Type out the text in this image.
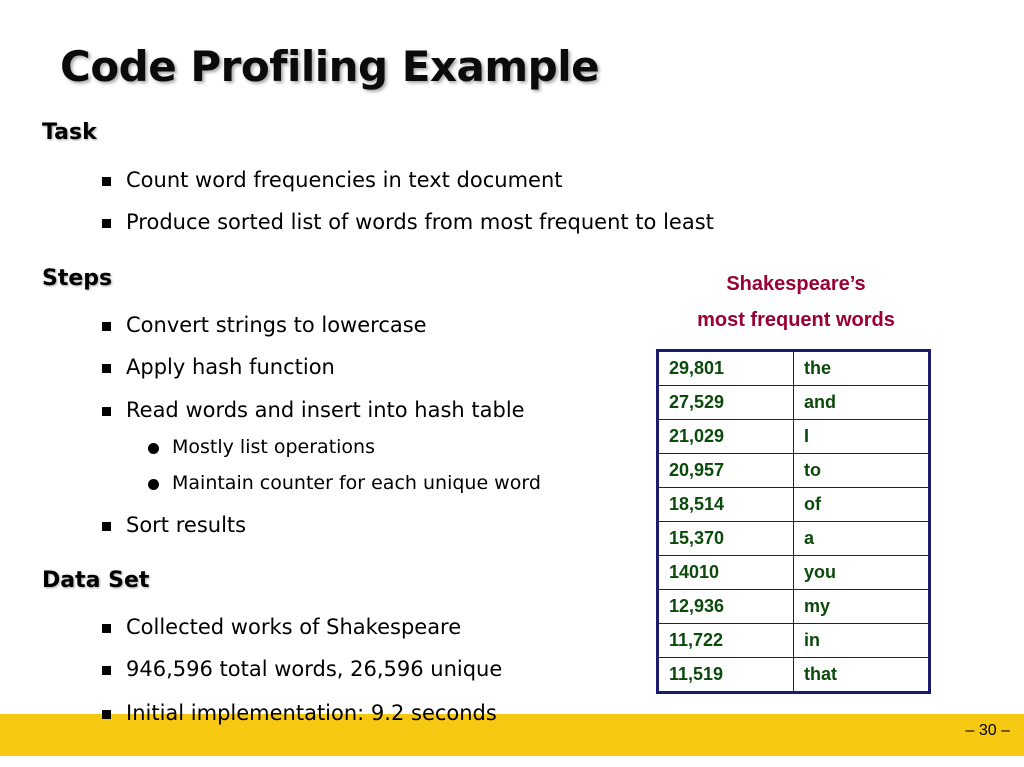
Code Profiling Example
Task
Count word frequencies in text document
Produce sorted list of words from most frequent to least
Steps
Convert strings to lowercase
Apply hash function
Read words and insert into hash table
Mostly list operations
Maintain counter for each unique word
Sort results
Data Set
Collected works of Shakespeare
946,596 total words, 26,596 unique
Shakespeare’s
most frequent words
29,801	the
27,529	and
21,029	I
20,957	to
18,514	of
15,370	a
14010	you
12,936	my
11,722	in
11,519	that
– 30 –
Initial implementation: 9.2 seconds
